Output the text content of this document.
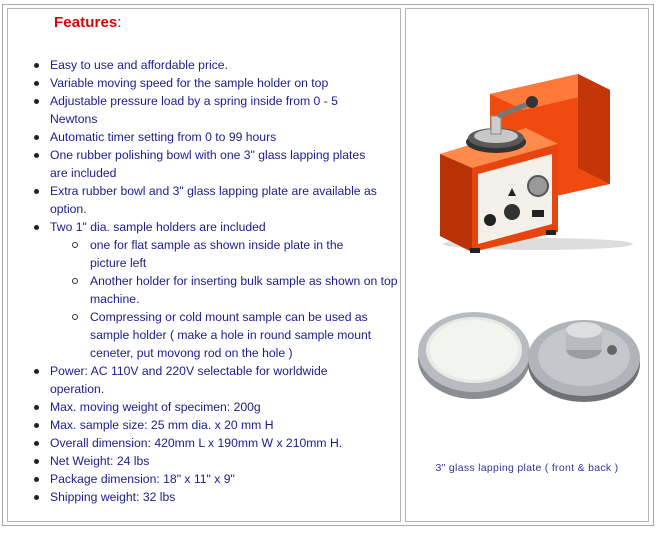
Features:
Easy to use and affordable price.
Variable moving speed for the sample holder on top
Adjustable pressure load by a spring inside from 0 - 5 Newtons
Automatic timer setting from 0 to 99 hours
One rubber polishing bowl with one 3" glass lapping plates are included
Extra rubber bowl and 3" glass lapping plate are available as option.
Two 1" dia. sample holders are included
one for flat sample as shown inside plate in the picture left
Another holder for inserting bulk sample as shown on top machine.
Compressing or cold mount sample can be used as sample holder ( make a hole in round sample mount ceneter, put movong rod on the hole )
Power: AC 110V and 220V selectable for worldwide operation.
Max. moving weight of specimen: 200g
Max. sample size: 25 mm dia. x 20 mm H
Overall dimension: 420mm L x 190mm W x 210mm H.
Net Weight: 24 lbs
Package dimension: 18" x 11" x 9"
Shipping weight: 32 lbs
3" glass lapping plate ( front & back )
